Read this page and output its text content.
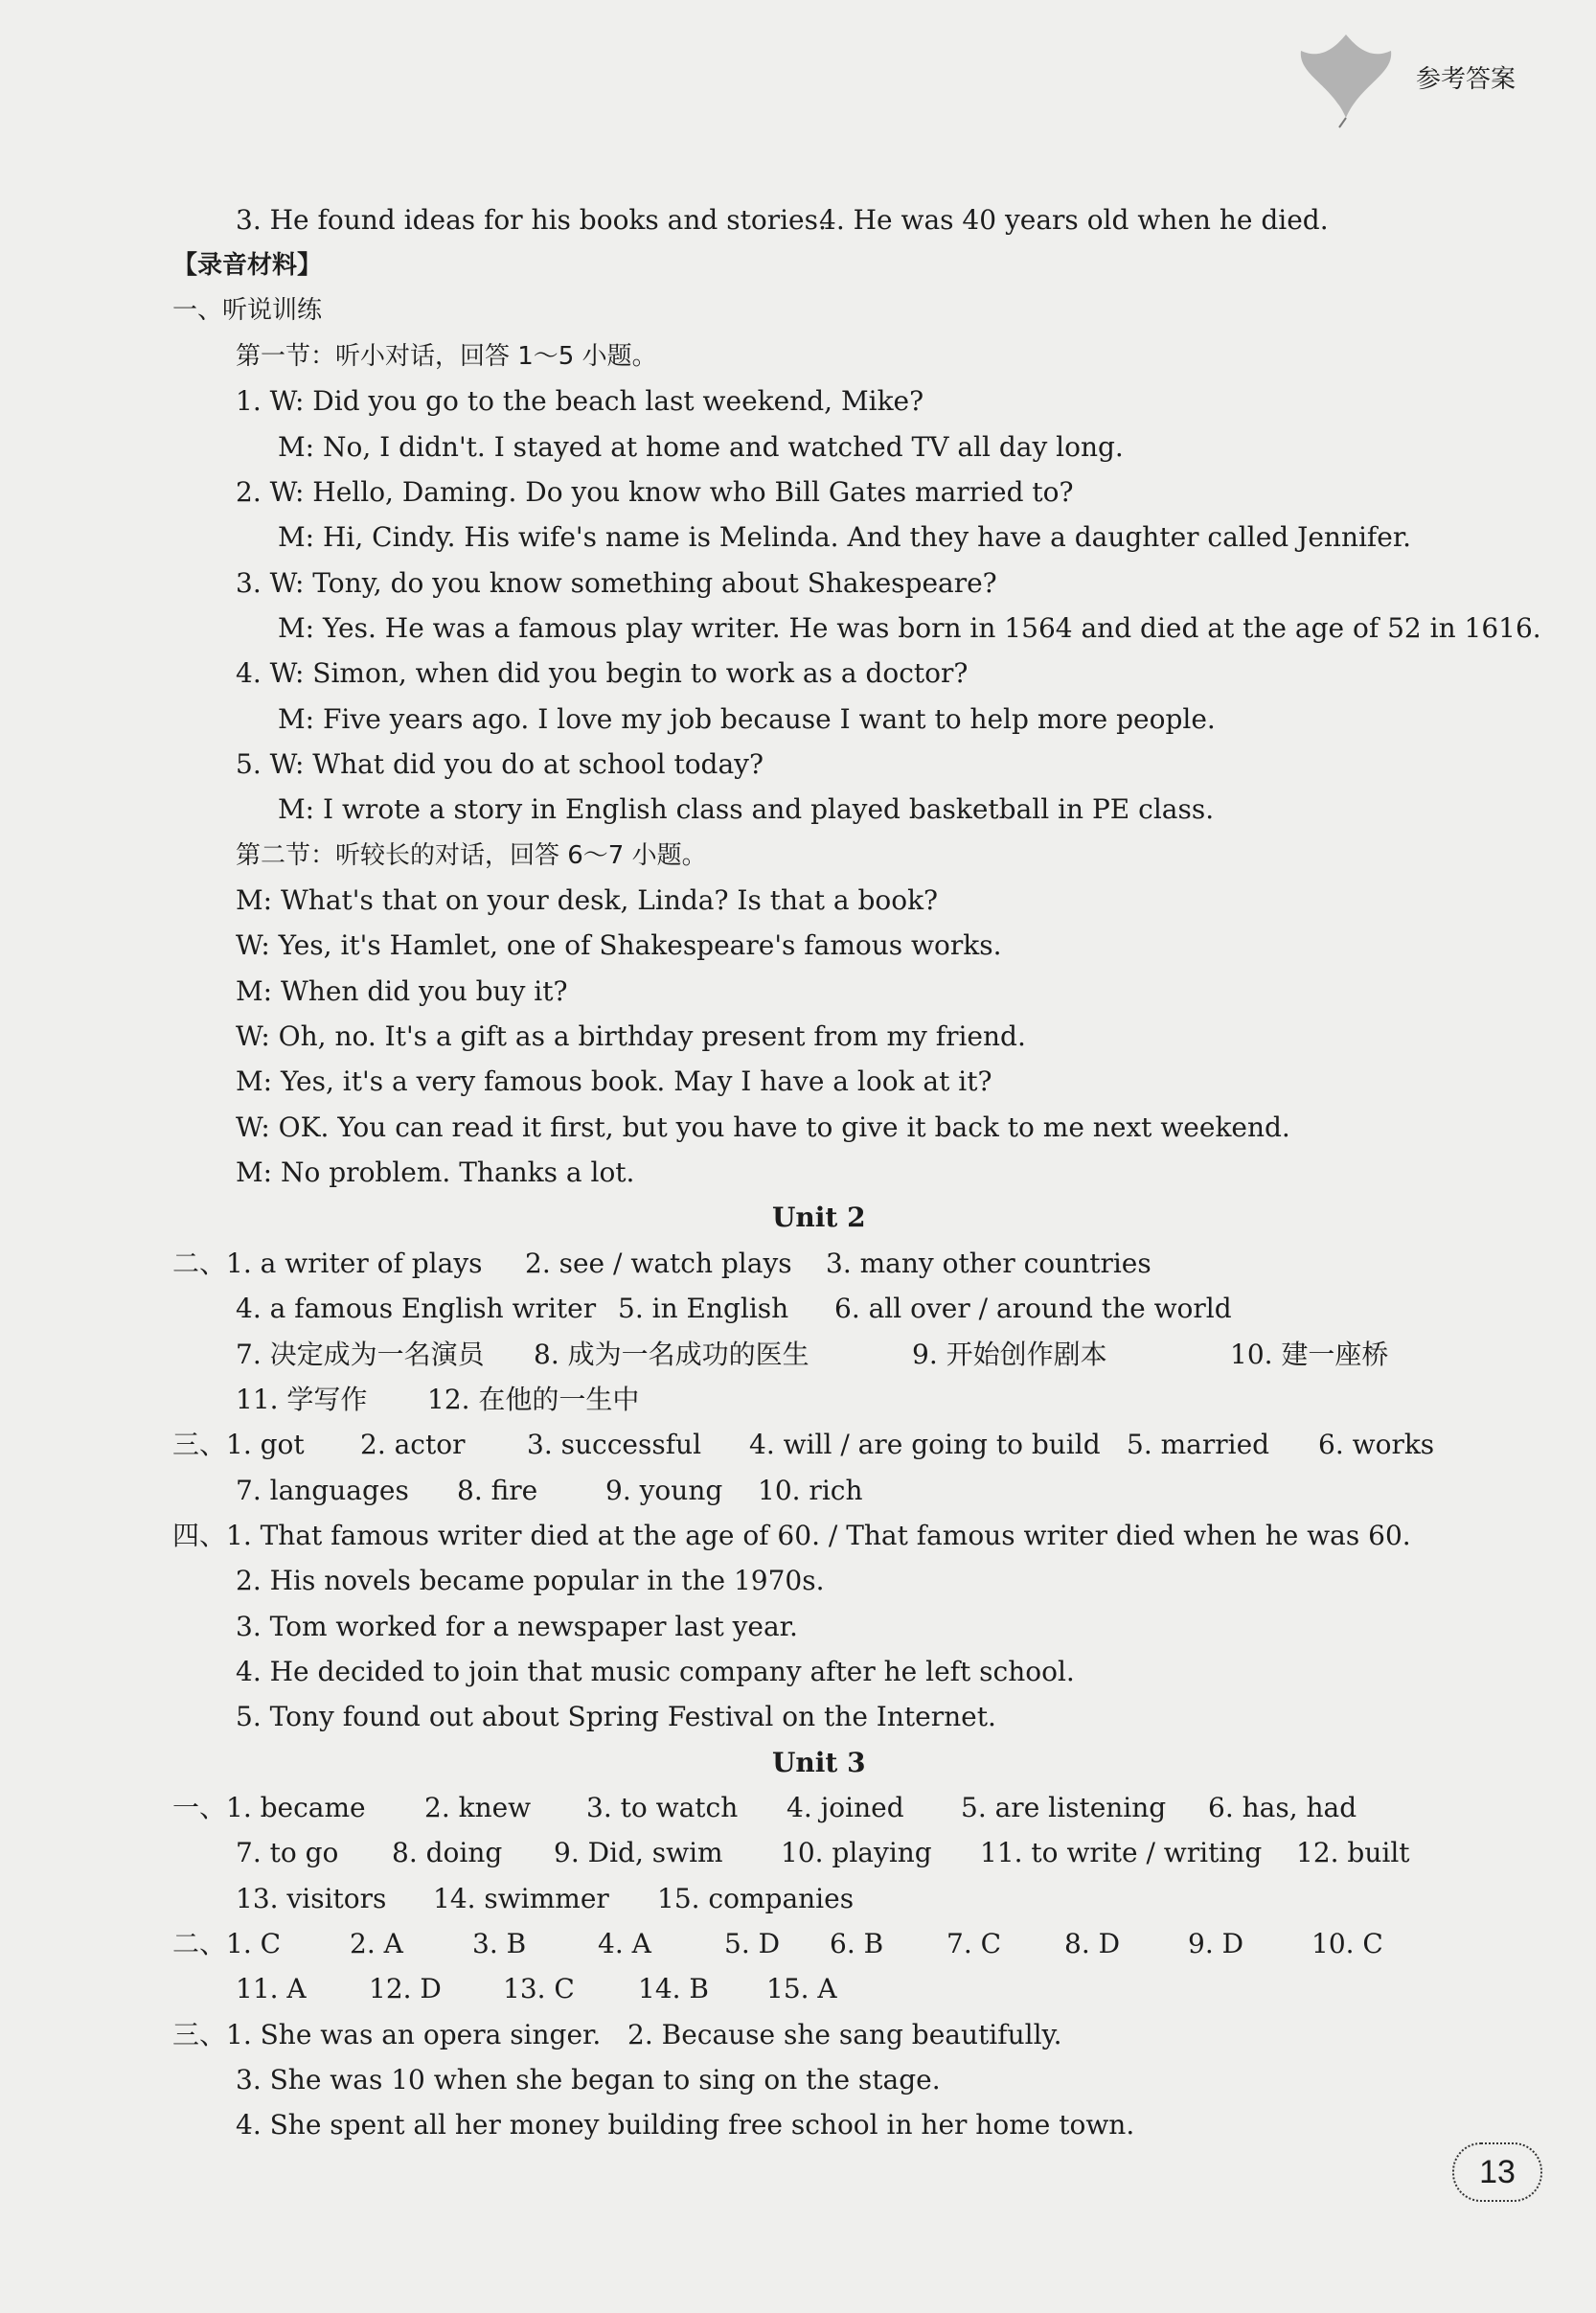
参考答案
3. He found ideas for his books and stories.
4. He was 40 years old when he died.
【录音材料】
一、听说训练
第一节：听小对话，回答 1～5 小题。
1. W: Did you go to the beach last weekend, Mike?
M: No, I didn't. I stayed at home and watched TV all day long.
2. W: Hello, Daming. Do you know who Bill Gates married to?
M: Hi, Cindy. His wife's name is Melinda. And they have a daughter called Jennifer.
3. W: Tony, do you know something about Shakespeare?
M: Yes. He was a famous play writer. He was born in 1564 and died at the age of 52 in 1616.
4. W: Simon, when did you begin to work as a doctor?
M: Five years ago. I love my job because I want to help more people.
5. W: What did you do at school today?
M: I wrote a story in English class and played basketball in PE class.
第二节：听较长的对话，回答 6～7 小题。
M: What's that on your desk, Linda? Is that a book?
W: Yes, it's Hamlet, one of Shakespeare's famous works.
M: When did you buy it?
W: Oh, no. It's a gift as a birthday present from my friend.
M: Yes, it's a very famous book. May I have a look at it?
W: OK. You can read it first, but you have to give it back to me next weekend.
M: No problem. Thanks a lot.
Unit 2
二、1. a writer of plays 2. see / watch plays 3. many other countries
4. a famous English writer 5. in English 6. all over / around the world
7. 决定成为一名演员 8. 成为一名成功的医生	9. 开始创作剧本	10. 建一座桥
11. 学写作 12. 在他的一生中
三、1. got 2. actor 3. successful 4. will / are going to build 5. married 6. works
7. languages 8. fire	9. young 10. rich
四、1. That famous writer died at the age of 60. / That famous writer died when he was 60.
2. His novels became popular in the 1970s.
3. Tom worked for a newspaper last year.
4. He decided to join that music company after he left school.
5. Tony found out about Spring Festival on the Internet.
Unit 3
一、1. became 2. knew 3. to watch 4. joined 5. are listening 6. has, had
7. to go 8. doing 9. Did, swim 10. playing 11. to write / writing 12. built
13. visitors 14. swimmer 15. companies
二、1. C	2. A	3. B	4. A	5. D 6. B 7. C 8. D	9. D	10. C
11. A 12. D 13. C 14. B 15. A
三、1. She was an opera singer. 2. Because she sang beautifully.
3. She was 10 when she began to sing on the stage.
4. She spent all her money building free school in her home town.
13
